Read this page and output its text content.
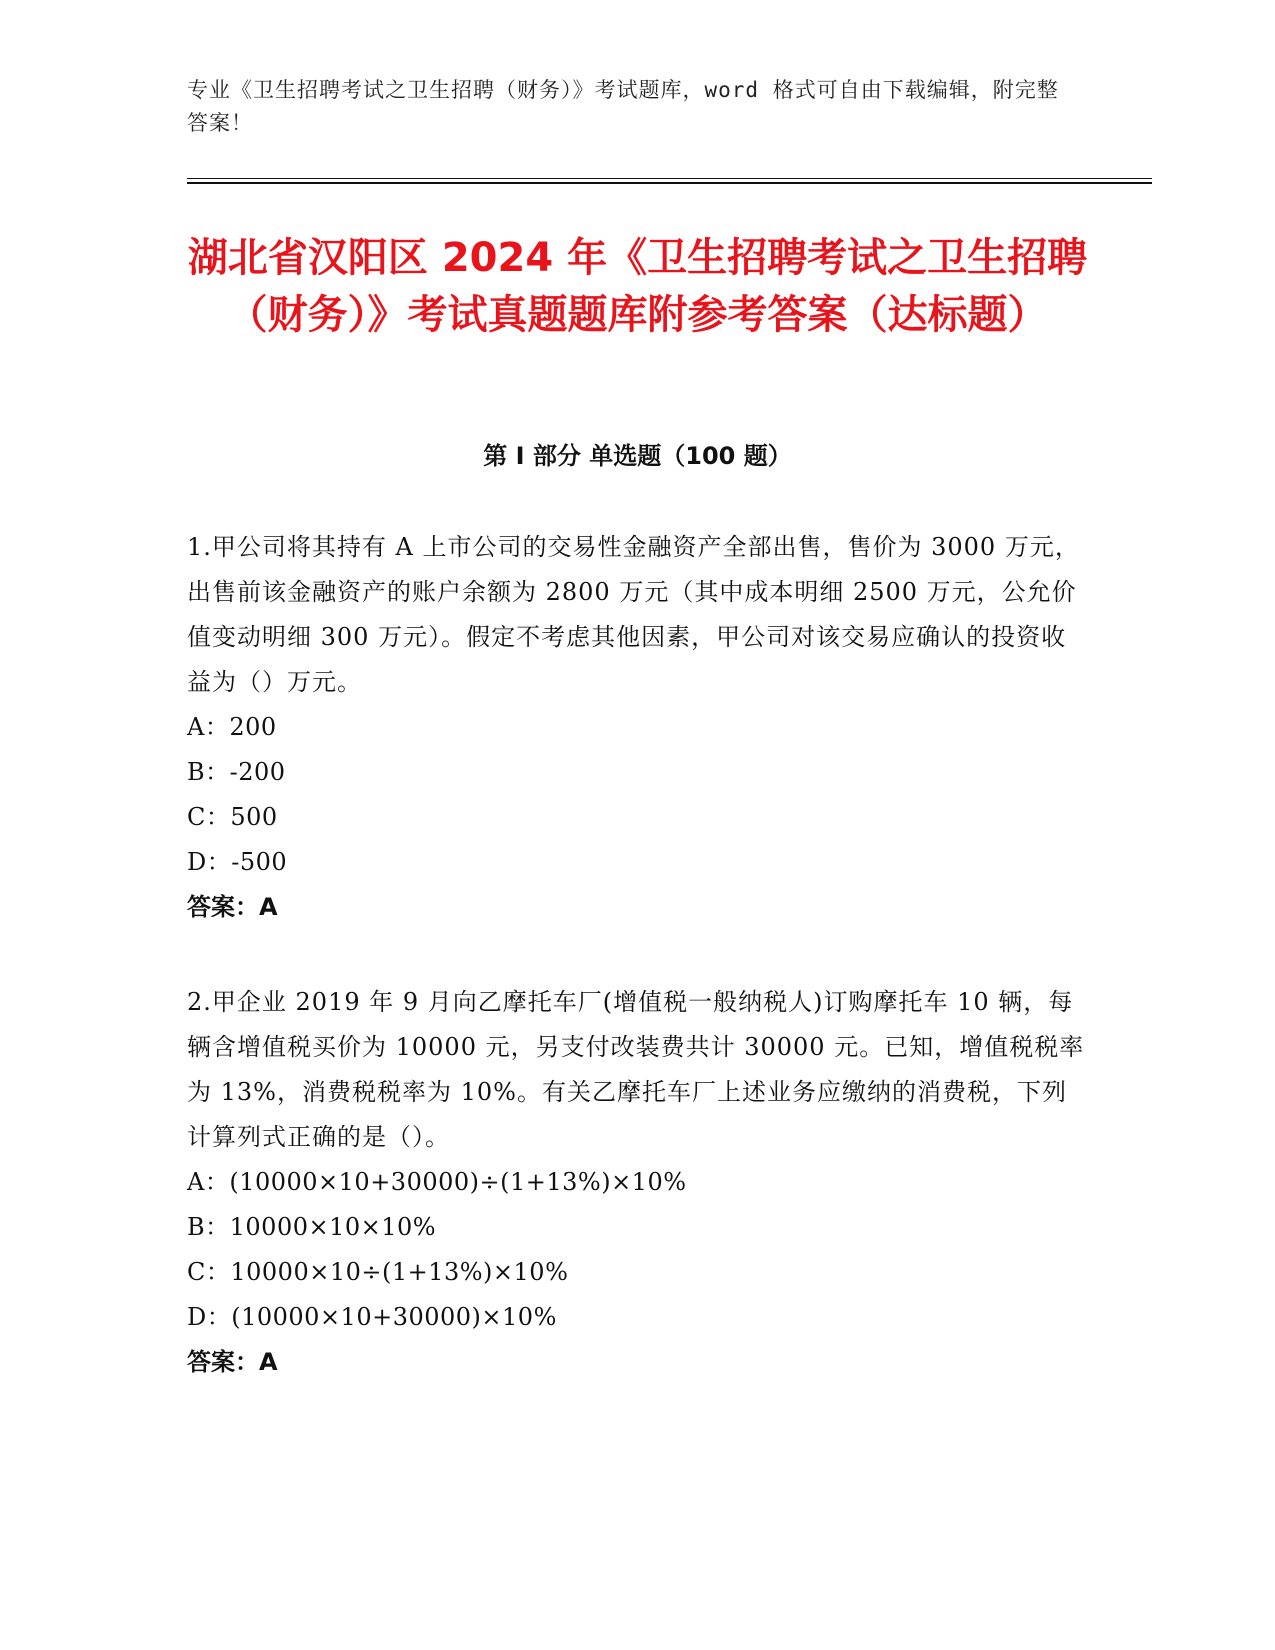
专业《卫生招聘考试之卫生招聘（财务）》考试题库，word 格式可自由下载编辑，附完整答案！
湖北省汉阳区 2024 年《卫生招聘考试之卫生招聘（财务）》考试真题题库附参考答案（达标题）
第 I 部分 单选题（100 题）

1.甲公司将其持有 A 上市公司的交易性金融资产全部出售，售价为 3000 万元，出售前该金融资产的账户余额为 2800 万元（其中成本明细 2500 万元，公允价值变动明细 300 万元）。假定不考虑其他因素，甲公司对该交易应确认的投资收益为（）万元。

A：200

B：-200

C：500

D：-500

答案：A

2.甲企业 2019 年 9 月向乙摩托车厂(增值税一般纳税人)订购摩托车 10 辆，每辆含增值税买价为 10000 元，另支付改装费共计 30000 元。已知，增值税税率为 13%，消费税税率为 10%。有关乙摩托车厂上述业务应缴纳的消费税，下列计算列式正确的是（）。

A：(10000×10+30000)÷(1+13%)×10%

B：10000×10×10%

C：10000×10÷(1+13%)×10%

D：(10000×10+30000)×10%

答案：A
